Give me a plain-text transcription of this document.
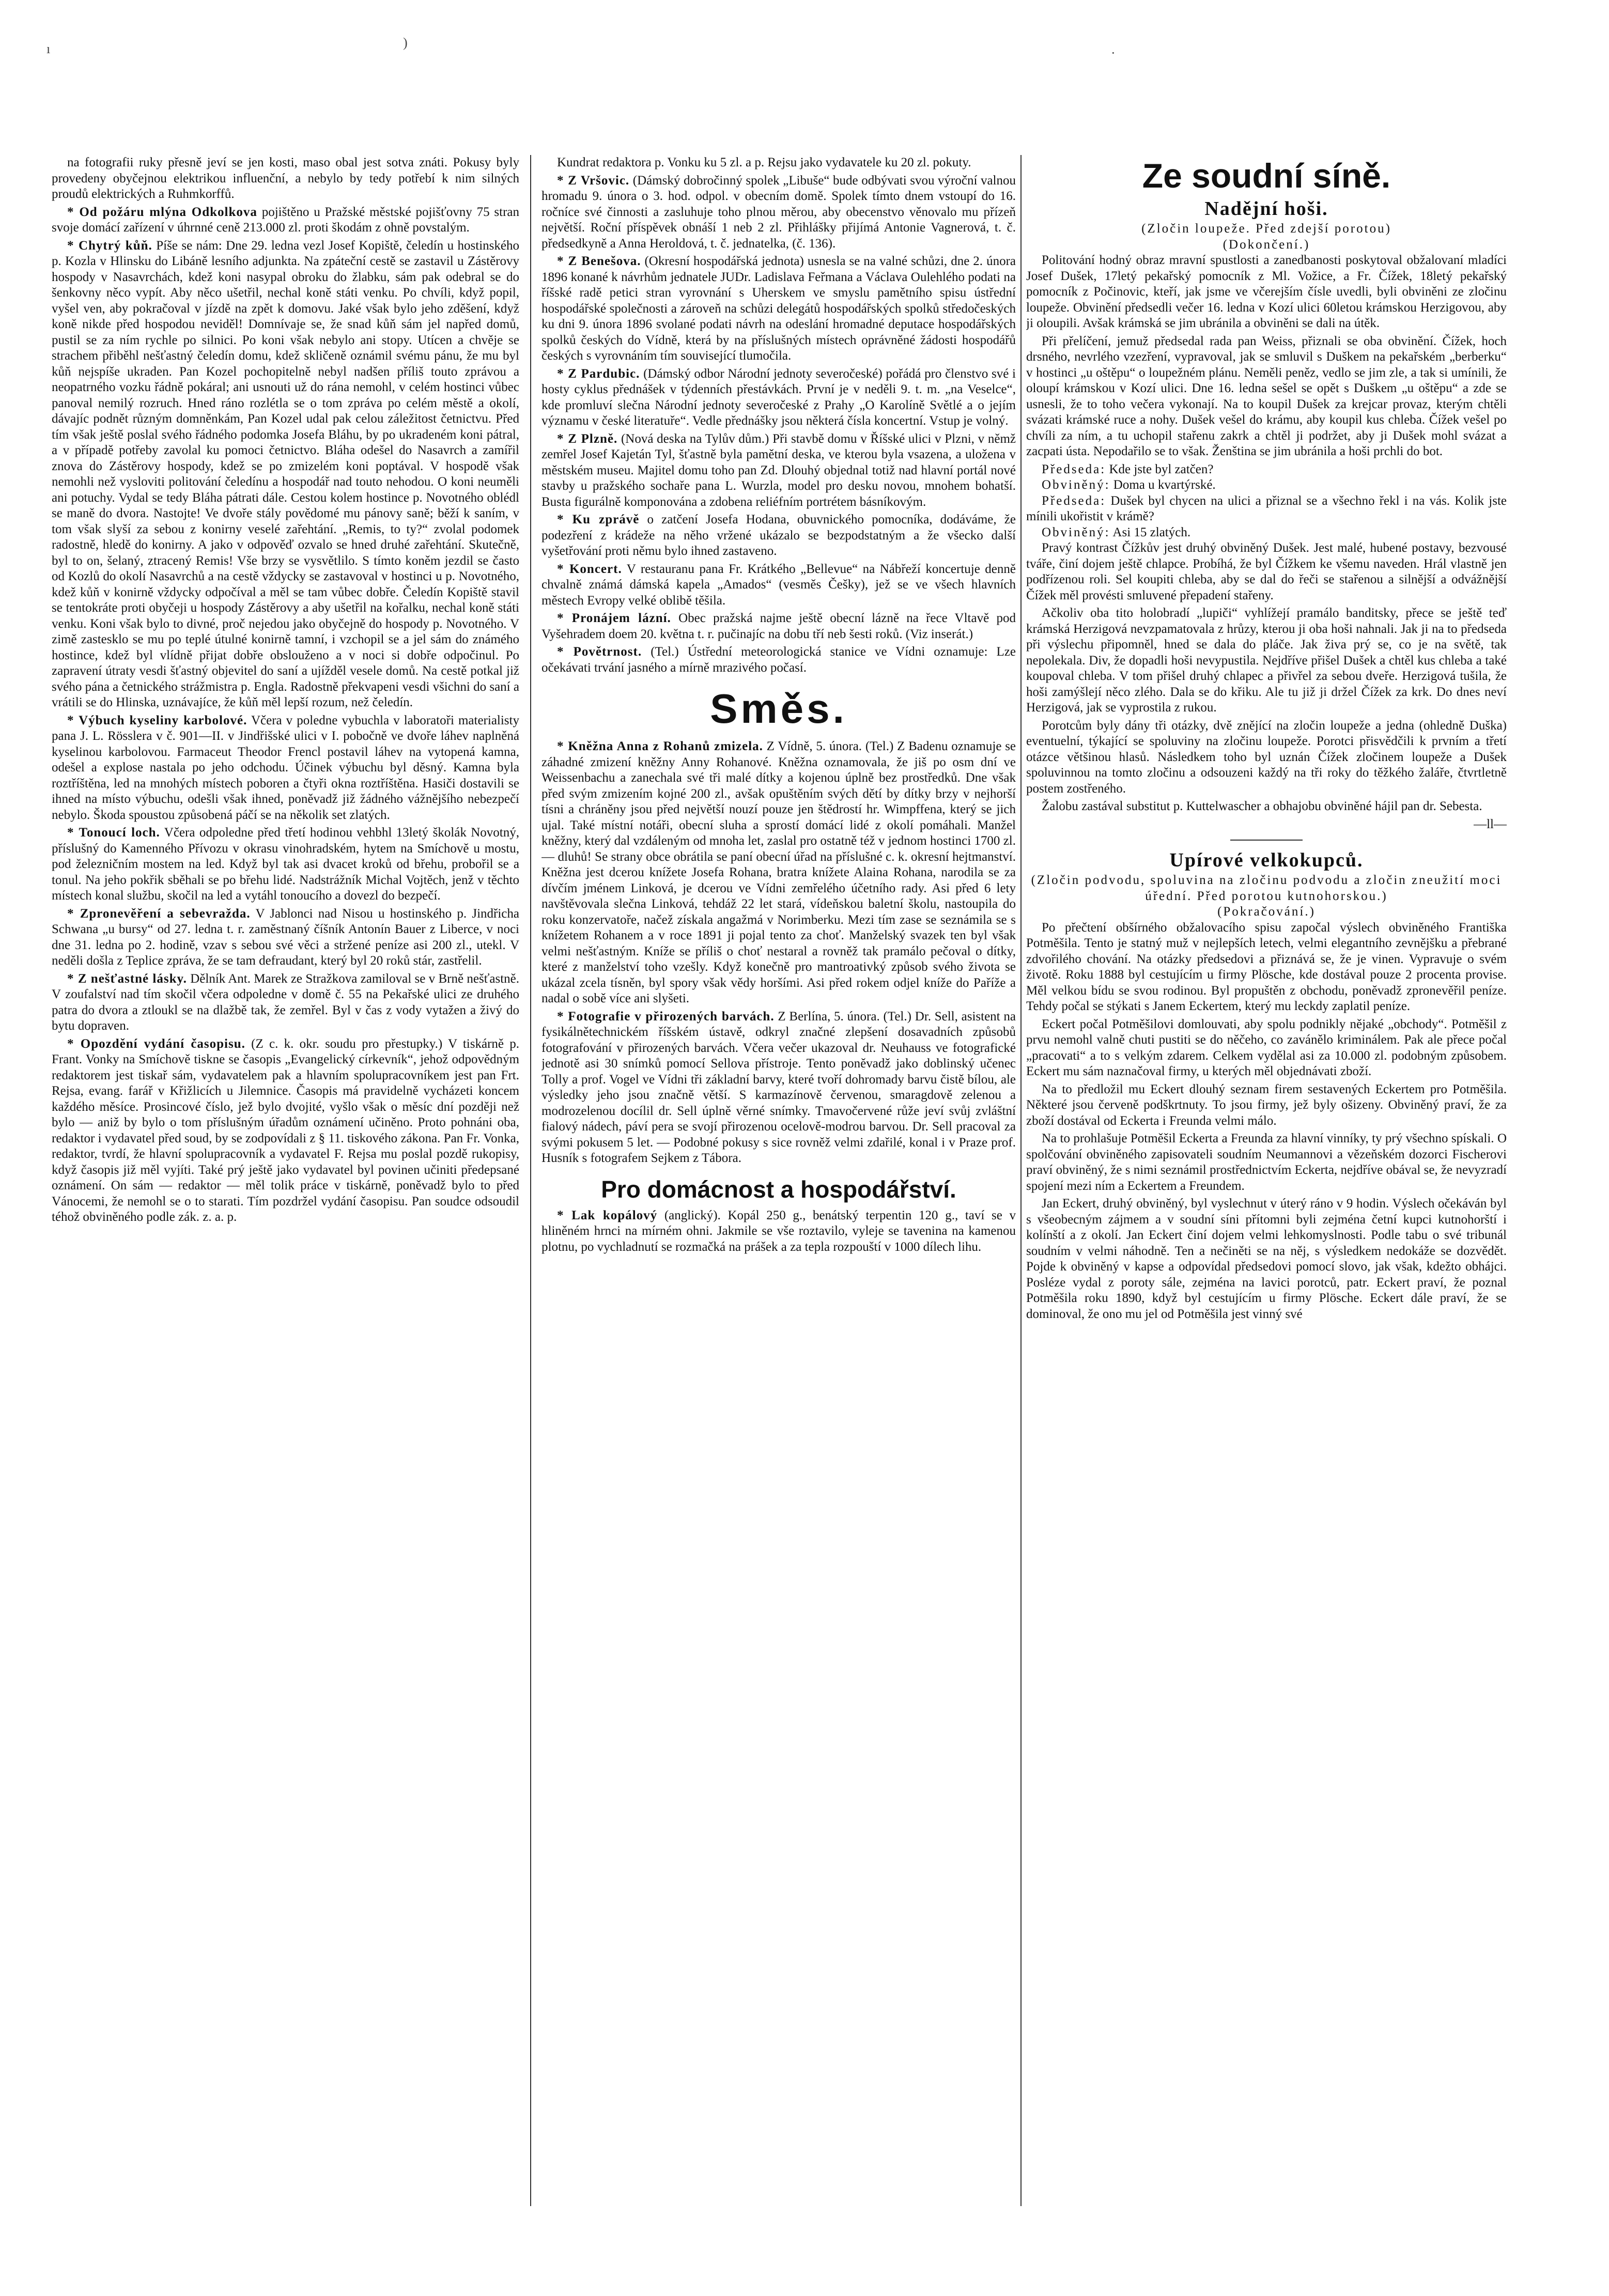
ı	)
·

na fotografii ruky přesně jeví se jen kosti, maso obal jest sotva znáti. Pokusy byly provedeny obyčejnou elektrikou influenční, a nebylo by tedy potřebí k nim silných proudů elektrických a Ruhmkorffů.

* Od požáru mlýna Odkolkova pojištěno u Pražské městské pojišťovny 75 stran svoje domácí zařízení v úhrnné ceně 213.000 zl. proti škodám z ohně povstalým.

* Chytrý kůň. Píše se nám: Dne 29. ledna vezl Josef Kopiště, čeledín u hostinského p. Kozla v Hlinsku do Libáně lesního adjunkta. Na zpáteční cestě se zastavil u Zástěrovy hospody v Nasavrchách, kdež koni nasypal obroku do žlabku, sám pak odebral se do šenkovny něco vypít. Aby něco ušetřil, nechal koně státi venku. Po chvíli, když popil, vyšel ven, aby pokračoval v jízdě na zpět k domovu. Jaké však bylo jeho zděšení, když koně nikde před hospodou neviděl! Domnívaje se, že snad kůň sám jel napřed domů, pustil se za ním rychle po silnici. Po koni však nebylo ani stopy. Utícen a chvěje se strachem přiběhl nešťastný čeledín domu, kdež skličeně oznámil svému pánu, že mu byl kůň nejspíše ukraden. Pan Kozel pochopitelně nebyl nadšen příliš touto zprávou a neopatrného vozku řádně pokáral; ani usnouti už do rána nemohl, v celém hostinci vůbec panoval nemilý rozruch. Hned ráno rozlétla se o tom zpráva po celém městě a okolí, dávajíc podnět různým domněnkám, Pan Kozel udal pak celou záležitost četnictvu. Před tím však ještě poslal svého řádného podomka Josefa Bláhu, by po ukradeném koni pátral, a v případě potřeby zavolal ku pomoci četnictvo. Bláha odešel do Nasavrch a zamířil znova do Zástěrovy hospody, kdež se po zmizelém koni poptával. V hospodě však nemohli než vysloviti politování čeledínu a hospodář nad touto nehodou. O koni neuměli ani potuchy. Vydal se tedy Bláha pátrati dále. Cestou kolem hostince p. Novotného oblédl se maně do dvora. Nastojte! Ve dvoře stály povědomé mu pánovy saně; běží k saním, v tom však slyší za sebou z konirny veselé zařehtání. „Remis, to ty?“ zvolal podomek radostně, hledě do konirny. A jako v odpověď ozvalo se hned druhé zařehtání. Skutečně, byl to on, šelaný, ztracený Remis! Vše brzy se vysvětlilo. S tímto koněm jezdil se často od Kozlů do okolí Nasavrchů a na cestě vždycky se zastavoval v hostinci u p. Novotného, kdež kůň v konirně vždycky odpočíval a měl se tam vůbec dobře. Čeledín Kopiště stavil se tentokráte proti obyčeji u hospody Zástěrovy a aby ušetřil na kořalku, nechal koně státi venku. Koni však bylo to divné, proč nejedou jako obyčejně do hospody p. Novotného. V zimě zastesklo se mu po teplé útulné konirně tamní, i vzchopil se a jel sám do známého hostince, kdež byl vlídně přijat dobře obslouženo a v noci si dobře odpočinul. Po zapravení útraty vesdi šťastný objevitel do saní a ujížděl vesele domů. Na cestě potkal již svého pána a četnického strážmistra p. Engla. Radostně překvapeni vesdi všichni do saní a vrátili se do Hlinska, uznávajíce, že kůň měl lepší rozum, než čeledín.

* Výbuch kyseliny karbolové. Včera v poledne vybuchla v laboratoři materialisty pana J. L. Rösslera v č. 901—II. v Jindřišské ulici v I. pobočně ve dvoře láhev naplněná kyselinou karbolovou. Farmaceut Theodor Frencl postavil láhev na vytopená kamna, odešel a explose nastala po jeho odchodu. Účinek výbuchu byl děsný. Kamna byla roztříštěna, led na mnohých místech poboren a čtyři okna roztříštěna. Hasiči dostavili se ihned na místo výbuchu, odešli však ihned, poněvadž již žádného vážnějšího nebezpečí nebylo. Škoda spoustou způsobená páčí se na několik set zlatých.

* Tonoucí loch. Včera odpoledne před třetí hodinou vehbhl 13letý školák Novotný, příslušný do Kamenného Přívozu v okrasu vinohradském, hytem na Smíchově u mostu, pod železničním mostem na led. Když byl tak asi dvacet kroků od břehu, probořil se a tonul. Na jeho pokřik sběhali se po břehu lidé. Nadstrážník Michal Vojtěch, jenž v těchto místech konal službu, skočil na led a vytáhl tonoucího a dovezl do bezpečí.

* Zpronevěření a sebevražda. V Jablonci nad Nisou u hostinského p. Jindřicha Schwana „u bursy“ od 27. ledna t. r. zaměstnaný číšník Antonín Bauer z Liberce, v noci dne 31. ledna po 2. hodině, vzav s sebou své věci a stržené peníze asi 200 zl., utekl. V neděli došla z Teplice zpráva, že se tam defraudant, který byl 20 roků stár, zastřelil.

* Z nešťastné lásky. Dělník Ant. Marek ze Stražkova zamiloval se v Brně nešťastně. V zoufalství nad tím skočil včera odpoledne v domě č. 55 na Pekařské ulici ze druhého patra do dvora a ztloukl se na dlažbě tak, že zemřel. Byl v čas z vody vytažen a živý do bytu dopraven.

* Opozdění vydání časopisu. (Z c. k. okr. soudu pro přestupky.) V tiskárně p. Frant. Vonky na Smíchově tiskne se časopis „Evangelický církevník“, jehož odpovědným redaktorem jest tiskař sám, vydavatelem pak a hlavním spolupracovníkem jest pan Frt. Rejsa, evang. farář v Křižlicích u Jilemnice. Časopis má pravidelně vycházeti koncem každého měsíce. Prosincové číslo, jež bylo dvojité, vyšlo však o měsíc dní později než bylo — aniž by bylo o tom příslušným úřadům oznámení učiněno. Proto pohnáni oba, redaktor i vydavatel před soud, by se zodpovídali z § 11. tiskového zákona. Pan Fr. Vonka, redaktor, tvrdí, že hlavní spolupracovník a vydavatel F. Rejsa mu poslal pozdě rukopisy, když časopis již měl vyjíti. Také prý ještě jako vydavatel byl povinen učiniti předepsané oznámení. On sám — redaktor — měl tolik práce v tiskárně, poněvadž bylo to před Vánocemi, že nemohl se o to starati. Tím pozdržel vydání časopisu. Pan soudce odsoudil téhož obviněného podle zák. z. a. p.

Kundrat redaktora p. Vonku ku 5 zl. a p. Rejsu jako vydavatele ku 20 zl. pokuty.

* Z Vršovic. (Dámský dobročinný spolek „Libuše“ bude odbývati svou výroční valnou hromadu 9. února o 3. hod. odpol. v obecním domě. Spolek tímto dnem vstoupí do 16. ročníce své činnosti a zasluhuje toho plnou měrou, aby obecenstvo věnovalo mu přízeň největší. Roční příspěvek obnáší 1 neb 2 zl. Přihlášky přijímá Antonie Vagnerová, t. č. předsedkyně a Anna Heroldová, t. č. jednatelka, (č. 136).

* Z Benešova. (Okresní hospodářská jednota) usnesla se na valné schůzi, dne 2. února 1896 konané k návrhům jednatele JUDr. Ladislava Feřmana a Václava Oulehlého podati na říšské radě petici stran vyrovnání s Uherskem ve smyslu pamětního spisu ústřední hospodářské společnosti a zároveň na schůzi delegátů hospodářských spolků středočeských ku dni 9. února 1896 svolané podati návrh na odeslání hromadné deputace hospodářských spolků českých do Vídně, která by na příslušných místech oprávněné žádosti hospodářů českých s vyrovnáním tím související tlumočila.

* Z Pardubic. (Dámský odbor Národní jednoty severočeské) pořádá pro členstvo své i hosty cyklus přednášek v týdenních přestávkách. První je v neděli 9. t. m. „na Veselce“, kde promluví slečna Národní jednoty severočeské z Prahy „O Karolíně Světlé a o jejím významu v české literatuře“. Vedle přednášky jsou některá čísla koncertní. Vstup je volný.

* Z Plzně. (Nová deska na Tylův dům.) Při stavbě domu v Říšské ulici v Plzni, v němž zemřel Josef Kajetán Tyl, šťastně byla pamětní deska, ve kterou byla vsazena, a uložena v městském museu. Majitel domu toho pan Zd. Dlouhý objednal totiž nad hlavní portál nové stavby u pražského sochaře pana L. Wurzla, model pro desku novou, mnohem bohatší. Busta figurálně komponována a zdobena reliéfním portrétem básníkovým.

* Ku zprávě o zatčení Josefa Hodana, obuvnického pomocníka, dodáváme, že podezření z krádeže na něho vržené ukázalo se bezpodstatným a že všecko další vyšetřování proti němu bylo ihned zastaveno.

* Koncert. V restauranu pana Fr. Krátkého „Bellevue“ na Nábřeží koncertuje denně chvalně známá dámská kapela „Amados“ (vesměs Češky), jež se ve všech hlavních městech Evropy velké oblibě těšila.

* Pronájem lázní. Obec pražská najme ještě obecní lázně na řece Vltavě pod Vyšehradem doem 20. května t. r. pučinajíc na dobu tří neb šesti roků. (Viz inserát.)

* Povětrnost. (Tel.) Ústřední meteorologická stanice ve Vídni oznamuje: Lze očekávati trvání jasného a mírně mrazivého počasí.

Směs.

* Kněžna Anna z Rohanů zmizela. Z Vídně, 5. února. (Tel.) Z Badenu oznamuje se záhadné zmizení kněžny Anny Rohanové. Kněžna oznamovala, že jiš po osm dní ve Weissenbachu a zanechala své tři malé dítky a kojenou úplně bez prostředků. Dne však před svým zmizením kojné 200 zl., avšak opuštěním svých dětí by dítky brzy v nejhorší tísni a chráněny jsou před největší nouzí pouze jen štědrostí hr. Wimpffena, který se jich ujal. Také místní notáři, obecní sluha a sprostí domácí lidé z okolí pomáhali. Manžel kněžny, který dal vzdáleným od mnoha let, zaslal pro ostatně též v jednom hostinci 1700 zl. — dluhů! Se strany obce obrátila se paní obecní úřad na příslušné c. k. okresní hejtmanství. Kněžna jest dcerou knížete Josefa Rohana, bratra knížete Alaina Rohana, narodila se za dívčím jménem Linková, je dcerou ve Vídni zemřelého účetního rady. Asi před 6 lety navštěvovala slečna Linková, tehdáž 22 let stará, vídeňskou baletní školu, nastoupila do roku konzervatoře, načež získala angažmá v Norimberku. Mezi tím zase se seznámila se s knížetem Rohanem a v roce 1891 ji pojal tento za choť. Manželský svazek ten byl však velmi nešťastným. Kníže se příliš o choť nestaral a rovněž tak pramálo pečoval o dítky, které z manželství toho vzešly. Když konečně pro mantroativký způsob svého života se ukázal zcela tísněn, byl spory však vědy horšími. Asi před rokem odjel kníže do Paříže a nadal o sobě více ani slyšeti.

* Fotografie v přirozených barvách. Z Berlína, 5. února. (Tel.) Dr. Sell, asistent na fysikálnětechnickém říšském ústavě, odkryl značné zlepšení dosavadních způsobů fotografování v přirozených barvách. Včera večer ukazoval dr. Neuhauss ve fotografické jednotě asi 30 snímků pomocí Sellova přístroje. Tento poněvadž jako doblinský učenec Tolly a prof. Vogel ve Vídni tři základní barvy, které tvoří dohromady barvu čistě bílou, ale výsledky jeho jsou značně větší. S karmazínově červenou, smaragdově zelenou a modrozelenou docílil dr. Sell úplně věrné snímky. Tmavočervené růže jeví svůj zvláštní fialový nádech, páví pera se svojí přirozenou ocelově-modrou barvou. Dr. Sell pracoval za svými pokusem 5 let. — Podobné pokusy s sice rovněž velmi zdařilé, konal i v Praze prof. Husník s fotografem Sejkem z Tábora.

Pro domácnost a hospodářství.

* Lak kopálový (anglický). Kopál 250 g., benátský terpentin 120 g., taví se v hliněném hrnci na mírném ohni. Jakmile se vše roztavilo, vyleje se tavenina na kamenou plotnu, po vychladnutí se rozmačká na prášek a za tepla rozpouští v 1000 dílech lihu.

Ze soudní síně.
Nadějní hoši.
(Zločin loupeže. Před zdejší porotou)
(Dokončení.)

Politování hodný obraz mravní spustlosti a zanedbanosti poskytoval obžalovaní mladíci Josef Dušek, 17letý pekařský pomocník z Ml. Vožice, a Fr. Čížek, 18letý pekařský pomocník z Počinovic, kteří, jak jsme ve včerejším čísle uvedli, byli obviněni ze zločinu loupeže. Obvinění předsedli večer 16. ledna v Kozí ulici 60letou krámskou Herzigovou, aby ji oloupili. Avšak krámská se jim ubránila a obviněni se dali na útěk.

Při přelíčení, jemuž předsedal rada pan Weiss, přiznali se oba obvinění. Čížek, hoch drsného, nevrlého vzezření, vypravoval, jak se smluvil s Duškem na pekařském „berberku“ v hostinci „u oštěpu“ o loupežném plánu. Neměli peněz, vedlo se jim zle, a tak si umínili, že oloupí krámskou v Kozí ulici. Dne 16. ledna sešel se opět s Duškem „u oštěpu“ a zde se usnesli, že to toho večera vykonají. Na to koupil Dušek za krejcar provaz, kterým chtěli svázati krámské ruce a nohy. Dušek vešel do krámu, aby koupil kus chleba. Čížek vešel po chvíli za ním, a tu uchopil stařenu zakrk a chtěl ji podržet, aby ji Dušek mohl svázat a zacpati ústa. Nepodařilo se to však. Ženština se jim ubránila a hoši prchli do bot.

Předseda: Kde jste byl zatčen?

Obviněný: Doma u kvartýrské.

Předseda: Dušek byl chycen na ulici a přiznal se a všechno řekl i na vás. Kolik jste mínili ukořistit v krámě?

Obviněný: Asi 15 zlatých.

Pravý kontrast Čížkův jest druhý obviněný Dušek. Jest malé, hubené postavy, bezvousé tváře, činí dojem ještě chlapce. Probíhá, že byl Čížkem ke všemu naveden. Hrál vlastně jen podřízenou roli. Sel koupiti chleba, aby se dal do řeči se stařenou a silnější a odvážnější Čížek měl provésti smluvené přepadení stařeny.

Ačkoliv oba tito holobradí „lupiči“ vyhlížejí pramálo banditsky, přece se ještě teď krámská Herzigová nevzpamatovala z hrůzy, kterou ji oba hoši nahnali. Jak ji na to předseda při výslechu připomněl, hned se dala do pláče. Jak živa prý se, co je na světě, tak nepolekala. Div, že dopadli hoši nevypustila. Nejdříve přišel Dušek a chtěl kus chleba a také koupoval chleba. V tom přišel druhý chlapec a přivřel za sebou dveře. Herzigová tušila, že hoši zamýšlejí něco zlého. Dala se do křiku. Ale tu již ji držel Čížek za krk. Do dnes neví Herzigová, jak se vyprostila z rukou.

Porotcům byly dány tři otázky, dvě znějící na zločin loupeže a jedna (ohledně Duška) eventuelní, týkající se spoluviny na zločinu loupeže. Porotci přisvědčili k prvním a třetí otázce většinou hlasů. Následkem toho byl uznán Čížek zločinem loupeže a Dušek spoluvinnou na tomto zločinu a odsouzeni každý na tři roky do těžkého žaláře, čtvrtletně postem zostřeného.

Žalobu zastával substitut p. Kuttelwascher a obhajobu obviněné hájil pan dr. Sebesta.

—ll—
Upírové velkokupců.
(Zločin podvodu, spoluvina na zločinu podvodu a zločin zneužití moci úřední. Před porotou kutnohorskou.)
(Pokračování.)

Po přečtení obšírného obžalovacího spisu započal výslech obviněného Františka Potměšila. Tento je statný muž v nejlepších letech, velmi elegantního zevnějšku a přebrané zdvořilého chování. Na otázky předsedovi a přiznává se, že je vinen. Vypravuje o svém životě. Roku 1888 byl cestujícím u firmy Plösche, kde dostával pouze 2 procenta provise. Měl velkou bídu se svou rodinou. Byl propuštěn z obchodu, poněvadž zpronevěřil peníze. Tehdy počal se stýkati s Janem Eckertem, který mu leckdy zaplatil peníze.

Eckert počal Potměšilovi domlouvati, aby spolu podnikly nějaké „obchody“. Potměšil z prvu nemohl valně chuti pustiti se do něčeho, co zavánělo kriminálem. Pak ale přece počal „pracovati“ a to s velkým zdarem. Celkem vydělal asi za 10.000 zl. podobným způsobem. Eckert mu sám naznačoval firmy, u kterých měl objednávati zboží.

Na to předložil mu Eckert dlouhý seznam firem sestavených Eckertem pro Potměšila. Některé jsou červeně podškrtnuty. To jsou firmy, jež byly ošizeny. Obviněný praví, že za zboží dostával od Eckerta i Freunda velmi málo.

Na to prohlašuje Potměšil Eckerta a Freunda za hlavní vinníky, ty prý všechno spískali. O spolčování obviněného zapisovateli soudním Neumannovi a vězeňském dozorci Fischerovi praví obviněný, že s nimi seznámil prostřednictvím Eckerta, nejdříve obával se, že nevyzradí spojení mezi ním a Eckertem a Freundem.

Jan Eckert, druhý obviněný, byl vyslechnut v úterý ráno v 9 hodin. Výslech očekáván byl s všeobecným zájmem a v soudní síni přítomni byli zejména četní kupci kutnohorští i kolínští a z okolí. Jan Eckert činí dojem velmi lehkomyslnosti. Podle tabu o své tribunál soudním v velmi náhodně. Ten a nečiněti se na něj, s výsledkem nedokáže se dozvědět. Pojde k obviněný v kapse a odpovídal předsedovi pomocí slovo, jak však, kdežto obhájci. Posléze vydal z poroty sále, zejména na lavici porotců, patr. Eckert praví, že poznal Potměšila roku 1890, když byl cestujícím u firmy Plösche. Eckert dále praví, že se dominoval, že ono mu jel od Potměšila jest vinný své
